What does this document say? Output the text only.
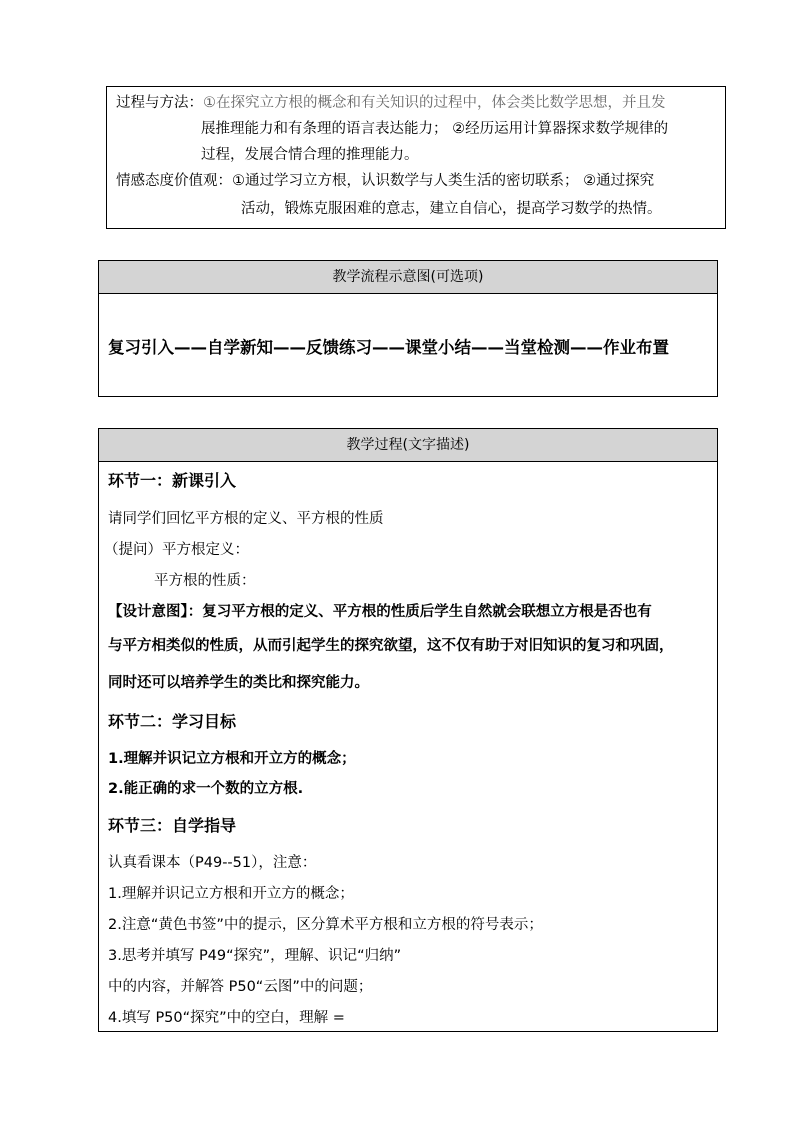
过程与方法：①在探究立方根的概念和有关知识的过程中，体会类比数学思想，并且发
展推理能力和有条理的语言表达能力； ②经历运用计算器探求数学规律的
过程，发展合情合理的推理能力。
情感态度价值观：①通过学习立方根，认识数学与人类生活的密切联系； ②通过探究
活动，锻炼克服困难的意志，建立自信心，提高学习数学的热情。
教学流程示意图(可选项)
复习引入——自学新知——反馈练习——课堂小结——当堂检测——作业布置
教学过程(文字描述)
环节一：新课引入
请同学们回忆平方根的定义、平方根的性质
（提问）平方根定义：
平方根的性质：
【设计意图】：复习平方根的定义、平方根的性质后学生自然就会联想立方根是否也有
与平方相类似的性质，从而引起学生的探究欲望，这不仅有助于对旧知识的复习和巩固，
同时还可以培养学生的类比和探究能力。
环节二：学习目标
1.理解并识记立方根和开立方的概念；
2.能正确的求一个数的立方根.
环节三：自学指导
认真看课本（P49--51），注意：
1.理解并识记立方根和开立方的概念；
2.注意“黄色书签”中的提示，区分算术平方根和立方根的符号表示；
3.思考并填写 P49“探究”，理解、识记“归纳”
中的内容，并解答 P50“云图”中的问题；
4.填写 P50“探究”中的空白，理解 =
